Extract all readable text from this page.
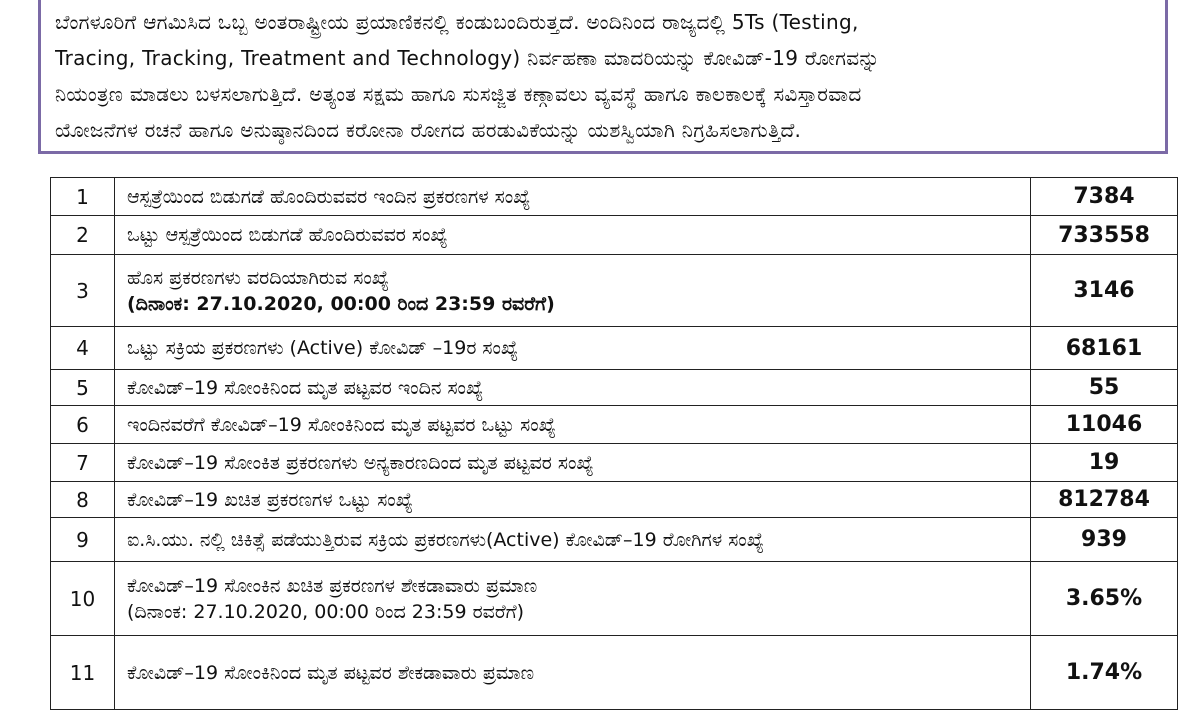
ಬೆಂಗಳೂರಿಗೆ ಆಗಮಿಸಿದ ಒಬ್ಬ ಅಂತರಾಷ್ಟ್ರೀಯ ಪ್ರಯಾಣಿಕನಲ್ಲಿ ಕಂಡುಬಂದಿರುತ್ತದೆ. ಅಂದಿನಿಂದ ರಾಜ್ಯದಲ್ಲಿ 5Ts (Testing,
Tracing, Tracking, Treatment and Technology) ನಿರ್ವಹಣಾ ಮಾದರಿಯನ್ನು ಕೋವಿಡ್-19 ರೋಗವನ್ನು
ನಿಯಂತ್ರಣ ಮಾಡಲು ಬಳಸಲಾಗುತ್ತಿದೆ. ಅತ್ಯಂತ ಸಕ್ಷಮ ಹಾಗೂ ಸುಸಜ್ಜಿತ ಕಣ್ಗಾವಲು ವ್ಯವಸ್ಥೆ ಹಾಗೂ ಕಾಲಕಾಲಕ್ಕೆ ಸವಿಸ್ತಾರವಾದ
ಯೋಜನೆಗಳ ರಚನೆ ಹಾಗೂ ಅನುಷ್ಠಾನದಿಂದ ಕರೋನಾ ರೋಗದ ಹರಡುವಿಕೆಯನ್ನು ಯಶಸ್ವಿಯಾಗಿ ನಿಗ್ರಹಿಸಲಾಗುತ್ತಿದೆ.
1	ಆಸ್ಪತ್ರೆಯಿಂದ ಬಿಡುಗಡೆ ಹೊಂದಿರುವವರ ಇಂದಿನ ಪ್ರಕರಣಗಳ ಸಂಖ್ಯೆ	7384
2	ಒಟ್ಟು ಆಸ್ಪತ್ರೆಯಿಂದ ಬಿಡುಗಡೆ ಹೊಂದಿರುವವರ ಸಂಖ್ಯೆ	733558
3	ಹೊಸ ಪ್ರಕರಣಗಳು ವರದಿಯಾಗಿರುವ ಸಂಖ್ಯೆ
(ದಿನಾಂಕ: 27.10.2020, 00:00 ರಿಂದ 23:59 ರವರೆಗೆ)	3146
4	ಒಟ್ಟು ಸಕ್ರಿಯ ಪ್ರಕರಣಗಳು (Active) ಕೋವಿಡ್ –19ರ ಸಂಖ್ಯೆ	68161
5	ಕೋವಿಡ್–19 ಸೋಂಕಿನಿಂದ ಮೃತ ಪಟ್ಟವರ ಇಂದಿನ ಸಂಖ್ಯೆ	55
6	ಇಂದಿನವರೆಗೆ ಕೋವಿಡ್–19 ಸೋಂಕಿನಿಂದ ಮೃತ ಪಟ್ಟವರ ಒಟ್ಟು ಸಂಖ್ಯೆ	11046
7	ಕೋವಿಡ್–19 ಸೋಂಕಿತ ಪ್ರಕರಣಗಳು ಅನ್ಯಕಾರಣದಿಂದ ಮೃತ ಪಟ್ಟವರ ಸಂಖ್ಯೆ	19
8	ಕೋವಿಡ್–19 ಖಚಿತ ಪ್ರಕರಣಗಳ ಒಟ್ಟು ಸಂಖ್ಯೆ	812784
9	ಐ.ಸಿ.ಯು. ನಲ್ಲಿ ಚಿಕಿತ್ಸೆ ಪಡೆಯುತ್ತಿರುವ ಸಕ್ರಿಯ ಪ್ರಕರಣಗಳು(Active) ಕೋವಿಡ್–19 ರೋಗಿಗಳ ಸಂಖ್ಯೆ	939
10	ಕೋವಿಡ್–19 ಸೋಂಕಿನ ಖಚಿತ ಪ್ರಕರಣಗಳ ಶೇಕಡಾವಾರು ಪ್ರಮಾಣ
(ದಿನಾಂಕ: 27.10.2020, 00:00 ರಿಂದ 23:59 ರವರೆಗೆ)	3.65%
11	ಕೋವಿಡ್–19 ಸೋಂಕಿನಿಂದ ಮೃತ ಪಟ್ಟವರ ಶೇಕಡಾವಾರು ಪ್ರಮಾಣ	1.74%
